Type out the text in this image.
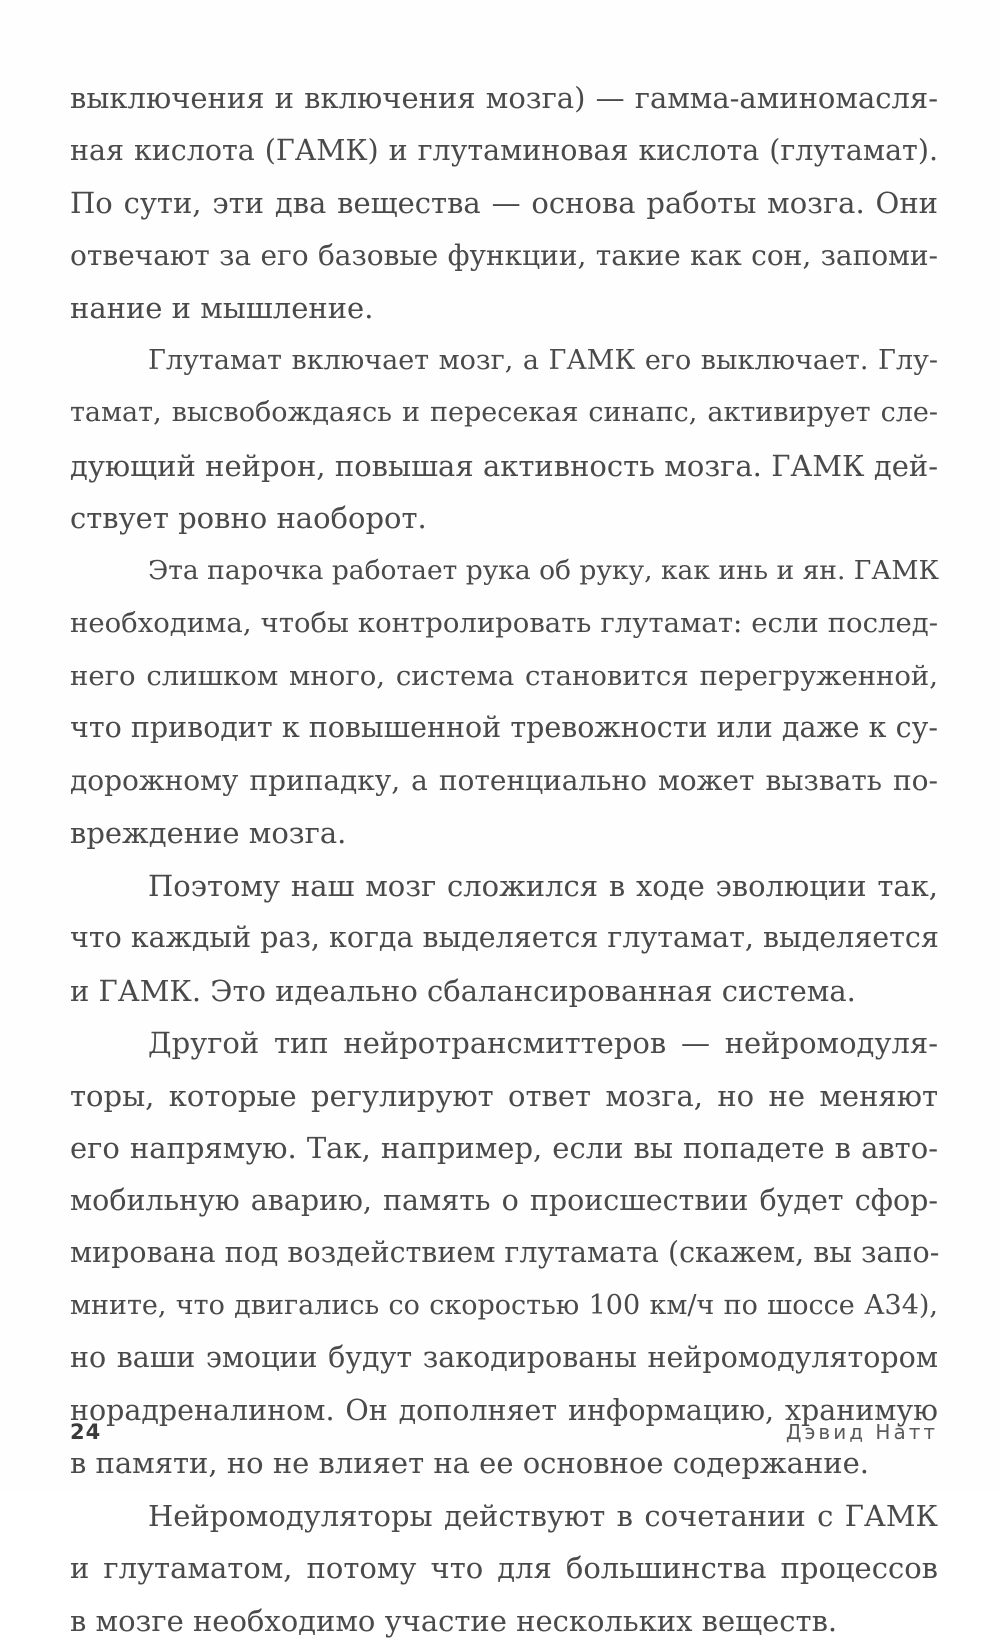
выключения и включения мозга) — гамма-аминомасля-
ная кислота (ГАМК) и глутаминовая кислота (глутамат).
По сути, эти два вещества — основа работы мозга. Они
отвечают за его базовые функции, такие как сон, запоми-
нание и мышление.
Глутамат включает мозг, а ГАМК его выключает. Глу-
тамат, высвобождаясь и пересекая синапс, активирует сле-
дующий нейрон, повышая активность мозга. ГАМК дей-
ствует ровно наоборот.
Эта парочка работает рука об руку, как инь и ян. ГАМК
необходима, чтобы контролировать глутамат: если послед-
него слишком много, система становится перегруженной,
что приводит к повышенной тревожности или даже к су-
дорожному припадку, а потенциально может вызвать по-
вреждение мозга.
Поэтому наш мозг сложился в ходе эволюции так,
что каждый раз, когда выделяется глутамат, выделяется
и ГАМК. Это идеально сбалансированная система.
Другой тип нейротрансмиттеров — нейромодуля-
торы, которые регулируют ответ мозга, но не меняют
его напрямую. Так, например, если вы попадете в авто-
мобильную аварию, память о происшествии будет сфор-
мирована под воздействием глутамата (скажем, вы запо-
мните, что двигались со скоростью 100 км/ч по шоссе А34),
но ваши эмоции будут закодированы нейромодулятором
норадреналином. Он дополняет информацию, хранимую
в памяти, но не влияет на ее основное содержание.
Нейромодуляторы действуют в сочетании с ГАМК
и глутаматом, потому что для большинства процессов
в мозге необходимо участие нескольких веществ.
24	Дэвид Натт
